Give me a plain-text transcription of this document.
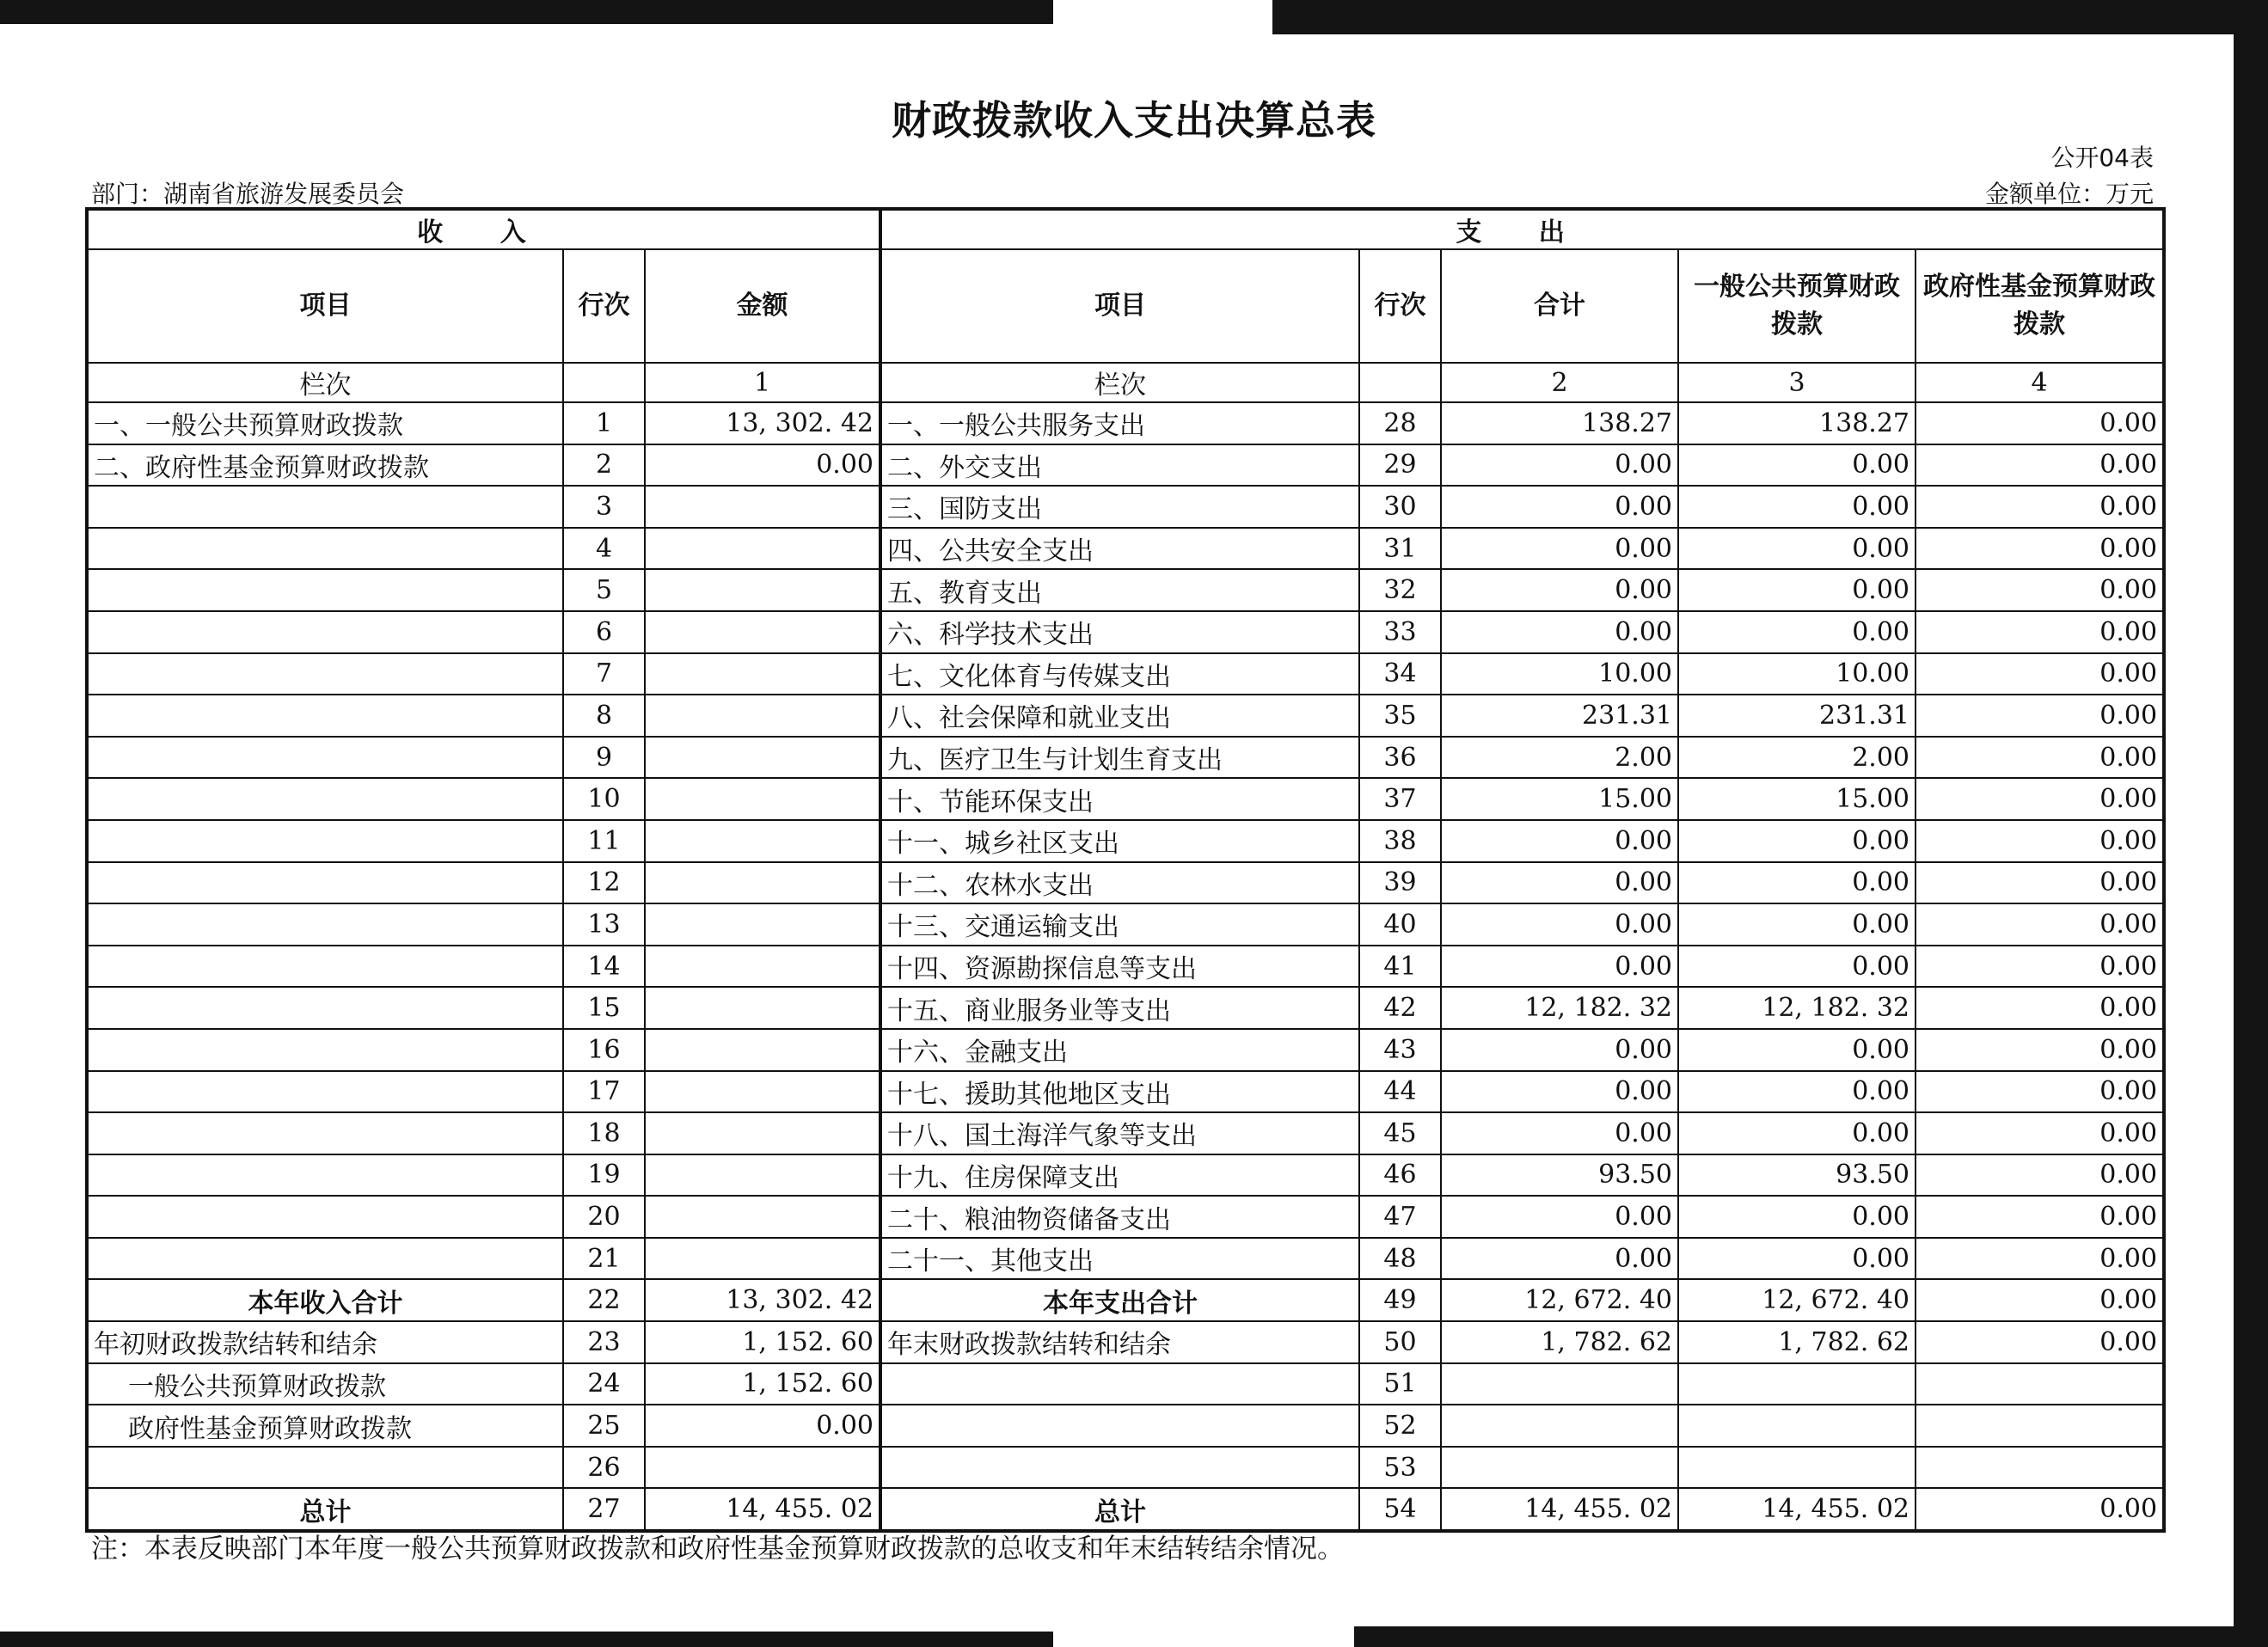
财政拨款收入支出决算总表
公开04表
部门：湖南省旅游发展委员会	金额单位：万元
收 入			支 出				
项目	行次	金额	项目	行次	合计	一般公共预算财政拨款	政府性基金预算财政拨款
栏次		1	栏次		2	3	4
一、一般公共预算财政拨款	1	13, 302. 42	一、一般公共服务支出	28	138.27	138.27	0.00
二、政府性基金预算财政拨款	2	0.00	二、外交支出	29	0.00	0.00	0.00
	3		三、国防支出	30	0.00	0.00	0.00
	4		四、公共安全支出	31	0.00	0.00	0.00
	5		五、教育支出	32	0.00	0.00	0.00
	6		六、科学技术支出	33	0.00	0.00	0.00
	7		七、文化体育与传媒支出	34	10.00	10.00	0.00
	8		八、社会保障和就业支出	35	231.31	231.31	0.00
	9		九、医疗卫生与计划生育支出	36	2.00	2.00	0.00
	10		十、节能环保支出	37	15.00	15.00	0.00
	11		十一、城乡社区支出	38	0.00	0.00	0.00
	12		十二、农林水支出	39	0.00	0.00	0.00
	13		十三、交通运输支出	40	0.00	0.00	0.00
	14		十四、资源勘探信息等支出	41	0.00	0.00	0.00
	15		十五、商业服务业等支出	42	12, 182. 32	12, 182. 32	0.00
	16		十六、金融支出	43	0.00	0.00	0.00
	17		十七、援助其他地区支出	44	0.00	0.00	0.00
	18		十八、国土海洋气象等支出	45	0.00	0.00	0.00
	19		十九、住房保障支出	46	93.50	93.50	0.00
	20		二十、粮油物资储备支出	47	0.00	0.00	0.00
	21		二十一、其他支出	48	0.00	0.00	0.00
本年收入合计	22	13, 302. 42	本年支出合计	49	12, 672. 40	12, 672. 40	0.00
年初财政拨款结转和结余	23	1, 152. 60	年末财政拨款结转和结余	50	1, 782. 62	1, 782. 62	0.00
一般公共预算财政拨款	24	1, 152. 60		51			
政府性基金预算财政拨款	25	0.00		52			
	26			53			
总计	27	14, 455. 02	总计	54	14, 455. 02	14, 455. 02	0.00
注：本表反映部门本年度一般公共预算财政拨款和政府性基金预算财政拨款的总收支和年末结转结余情况。
